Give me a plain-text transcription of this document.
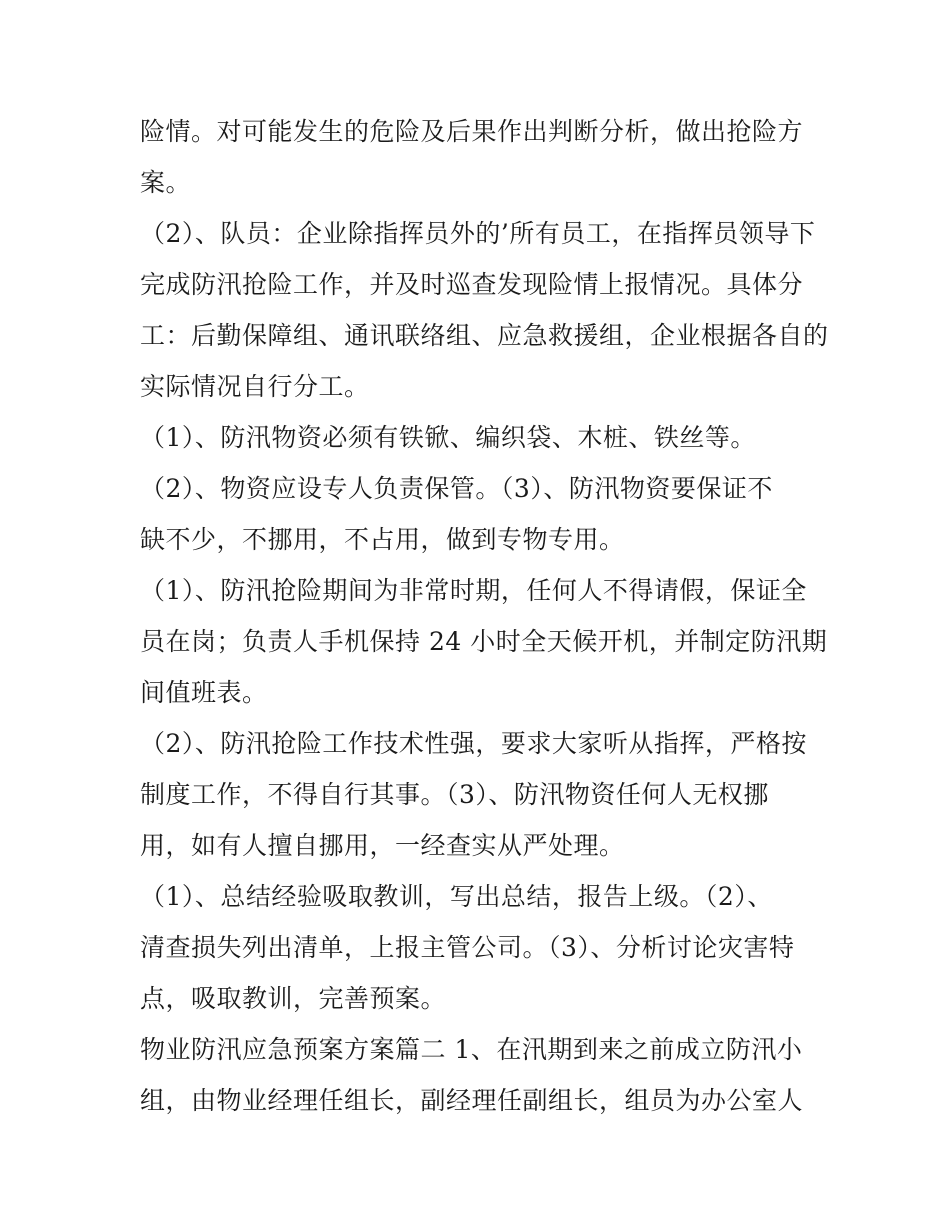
险情。对可能发生的危险及后果作出判断分析，做出抢险方
案。
（2）、队员：企业除指挥员外的’所有员工，在指挥员领导下
完成防汛抢险工作，并及时巡查发现险情上报情况。具体分
工：后勤保障组、通讯联络组、应急救援组，企业根据各自的
实际情况自行分工。
（1）、防汛物资必须有铁锨、编织袋、木桩、铁丝等。
（2）、物资应设专人负责保管。（3）、防汛物资要保证不
缺不少，不挪用，不占用，做到专物专用。
（1）、防汛抢险期间为非常时期，任何人不得请假，保证全
员在岗；负责人手机保持 24 小时全天候开机，并制定防汛期
间值班表。
（2）、防汛抢险工作技术性强，要求大家听从指挥，严格按
制度工作，不得自行其事。（3）、防汛物资任何人无权挪
用，如有人擅自挪用，一经查实从严处理。
（1）、总结经验吸取教训，写出总结，报告上级。（2）、
清查损失列出清单，上报主管公司。（3）、分析讨论灾害特
点，吸取教训，完善预案。
物业防汛应急预案方案篇二 1、在汛期到来之前成立防汛小
组，由物业经理任组长，副经理任副组长，组员为办公室人
